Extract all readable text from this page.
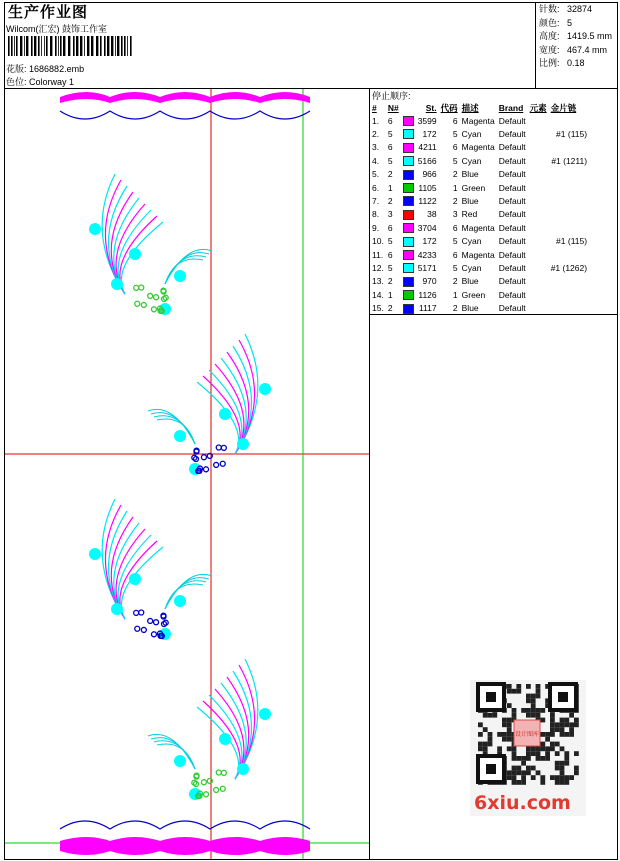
生产作业图
Wilcom(汇宏) 鼓饰工作室
花版: 1686882.emb
色位: Colorway 1
针数: 32874
颜色: 5
高度: 1419.5 mm
宽度: 467.4 mm
比例: 0.18
停止顺序:
#	N#		St.	代码	描述	Brand	元素	金片链
1.	6		3599	6	Magenta	Default		
2.	5		172	5	Cyan	Default		#1 (115)
3.	6		4211	6	Magenta	Default		
4.	5		5166	5	Cyan	Default		#1 (1211)
5.	2		966	2	Blue	Default		
6.	1		1105	1	Green	Default		
7.	2		1122	2	Blue	Default		
8.	3		38	3	Red	Default		
9.	6		3704	6	Magenta	Default		
10.	5		172	5	Cyan	Default		#1 (115)
11.	6		4233	6	Magenta	Default		
12.	5		5171	5	Cyan	Default		#1 (1262)
13.	2		970	2	Blue	Default		
14.	1		1126	1	Green	Default		
15.	2		1117	2	Blue	Default		
设计图库
6xiu.com
